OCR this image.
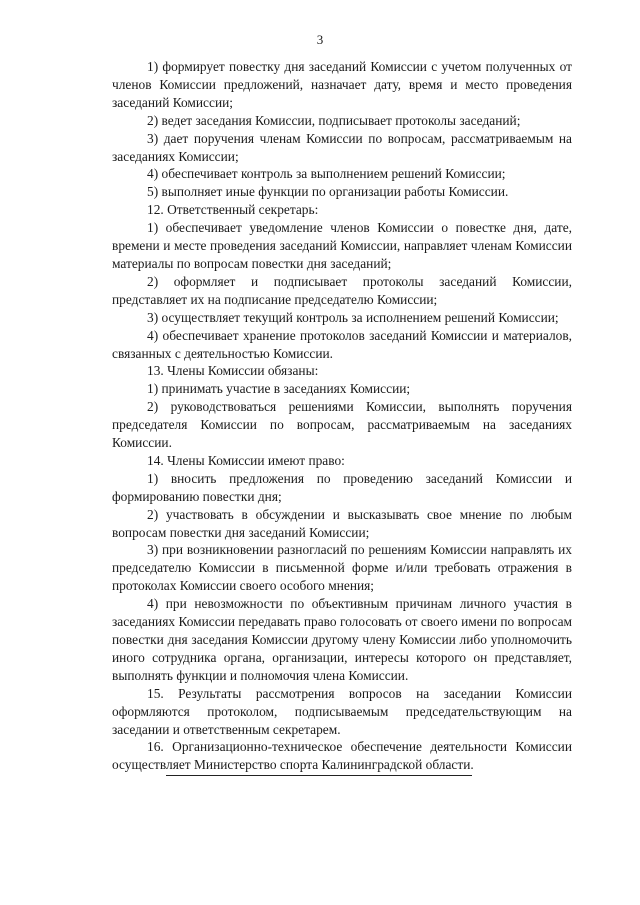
3

1) формирует повестку дня заседаний Комиссии с учетом полученных от членов Комиссии предложений, назначает дату, время и место проведения заседаний Комиссии;

2) ведет заседания Комиссии, подписывает протоколы заседаний;

3) дает поручения членам Комиссии по вопросам, рассматриваемым на заседаниях Комиссии;

4) обеспечивает контроль за выполнением решений Комиссии;

5) выполняет иные функции по организации работы Комиссии.

12. Ответственный секретарь:

1) обеспечивает уведомление членов Комиссии о повестке дня, дате, времени и месте проведения заседаний Комиссии, направляет членам Комиссии материалы по вопросам повестки дня заседаний;

2) оформляет и подписывает протоколы заседаний Комиссии, представляет их на подписание председателю Комиссии;

3) осуществляет текущий контроль за исполнением решений Комиссии;

4) обеспечивает хранение протоколов заседаний Комиссии и материалов, связанных с деятельностью Комиссии.

13. Члены Комиссии обязаны:

1) принимать участие в заседаниях Комиссии;

2) руководствоваться решениями Комиссии, выполнять поручения председателя Комиссии по вопросам, рассматриваемым на заседаниях Комиссии.

14. Члены Комиссии имеют право:

1) вносить предложения по проведению заседаний Комиссии и формированию повестки дня;

2) участвовать в обсуждении и высказывать свое мнение по любым вопросам повестки дня заседаний Комиссии;

3) при возникновении разногласий по решениям Комиссии направлять их председателю Комиссии в письменной форме и/или требовать отражения в протоколах Комиссии своего особого мнения;

4) при невозможности по объективным причинам личного участия в заседаниях Комиссии передавать право голосовать от своего имени по вопросам повестки дня заседания Комиссии другому члену Комиссии либо уполномочить иного сотрудника органа, организации, интересы которого он представляет, выполнять функции и полномочия члена Комиссии.

15. Результаты рассмотрения вопросов на заседании Комиссии оформляются протоколом, подписываемым председательствующим на заседании и ответственным секретарем.

16. Организационно-техническое обеспечение деятельности Комиссии осуществляет Министерство спорта Калининградской области.
